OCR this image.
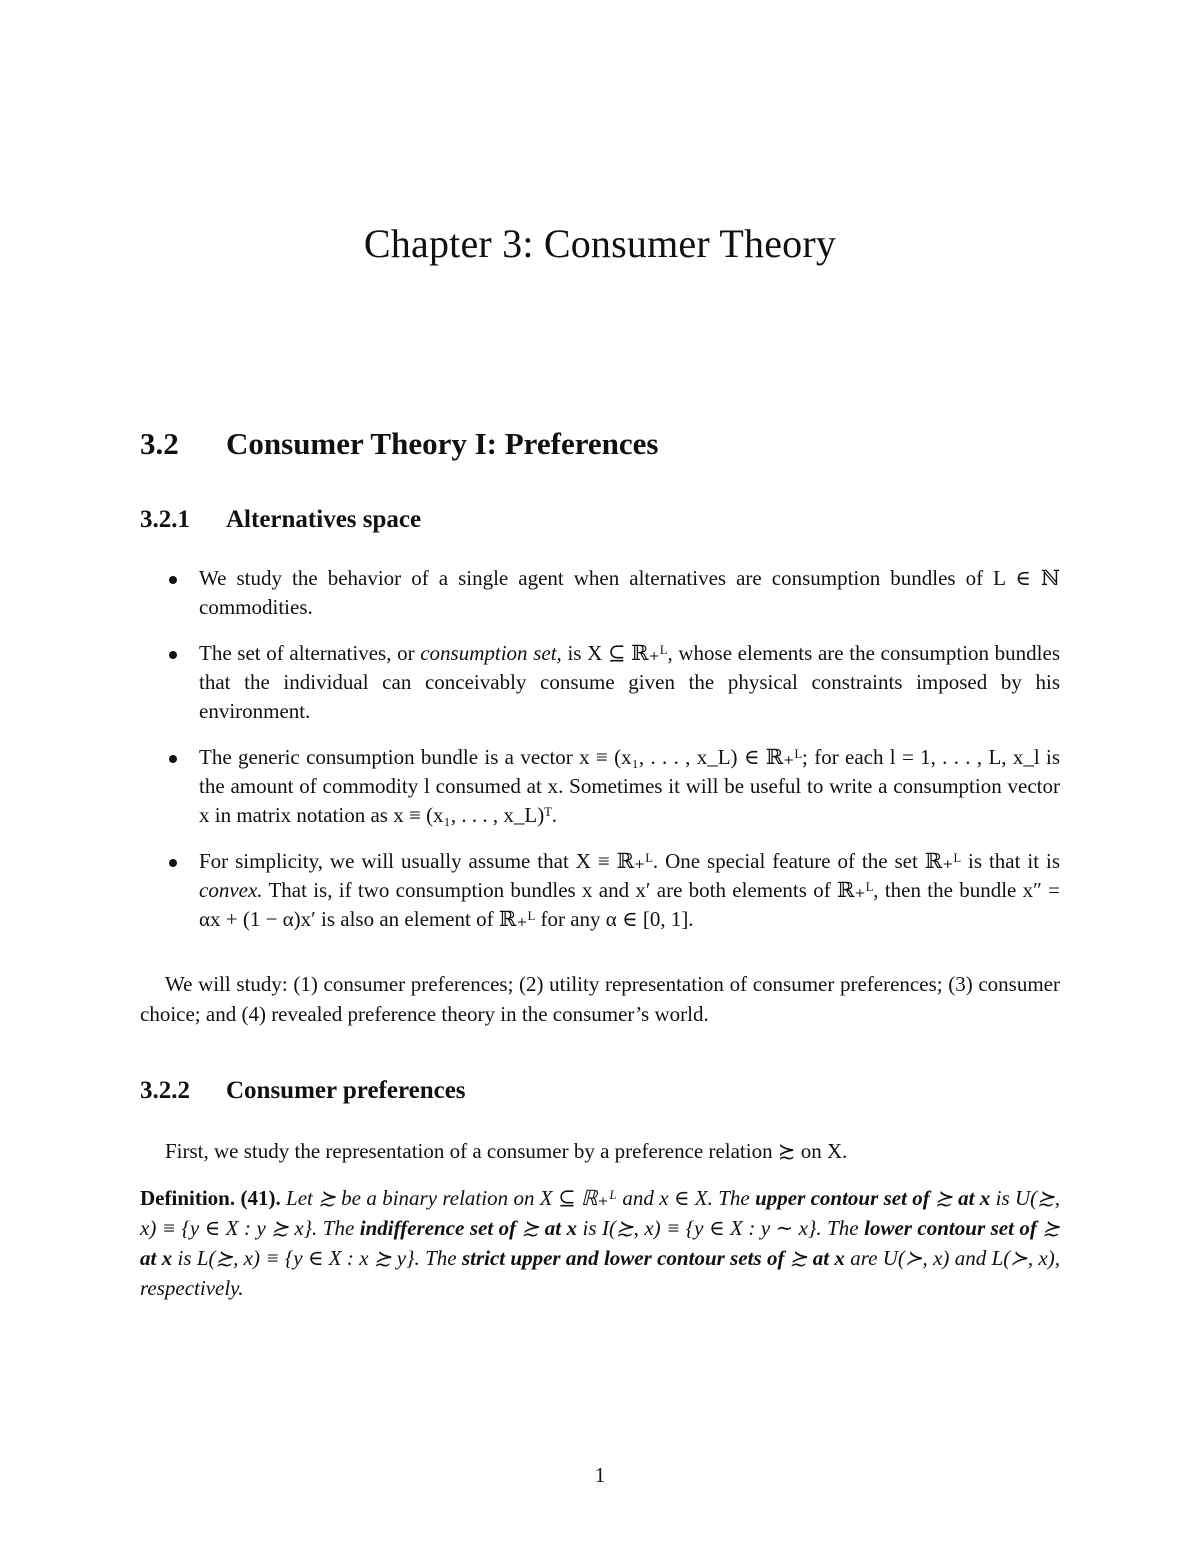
Chapter 3: Consumer Theory
3.2 Consumer Theory I: Preferences
3.2.1 Alternatives space
We study the behavior of a single agent when alternatives are consumption bundles of L ∈ ℕ commodities.
The set of alternatives, or consumption set, is X ⊆ ℝ₊ᴸ, whose elements are the consumption bundles that the individual can conceivably consume given the physical constraints imposed by his environment.
The generic consumption bundle is a vector x ≡ (x₁, . . . , x_L) ∈ ℝ₊ᴸ; for each l = 1, . . . , L, x_l is the amount of commodity l consumed at x. Sometimes it will be useful to write a consumption vector x in matrix notation as x ≡ (x₁, . . . , x_L)ᵀ.
For simplicity, we will usually assume that X ≡ ℝ₊ᴸ. One special feature of the set ℝ₊ᴸ is that it is convex. That is, if two consumption bundles x and x′ are both elements of ℝ₊ᴸ, then the bundle x″ = αx + (1 − α)x′ is also an element of ℝ₊ᴸ for any α ∈ [0, 1].

We will study: (1) consumer preferences; (2) utility representation of consumer preferences; (3) consumer choice; and (4) revealed preference theory in the consumer’s world.

3.2.2 Consumer preferences

First, we study the representation of a consumer by a preference relation ≿ on X.

Definition. (41). Let ≿ be a binary relation on X ⊆ ℝ₊ᴸ and x ∈ X. The upper contour set of ≿ at x is U(≿, x) ≡ {y ∈ X : y ≿ x}. The indifference set of ≿ at x is I(≿, x) ≡ {y ∈ X : y ∼ x}. The lower contour set of ≿ at x is L(≿, x) ≡ {y ∈ X : x ≿ y}. The strict upper and lower contour sets of ≿ at x are U(≻, x) and L(≻, x), respectively.

1
